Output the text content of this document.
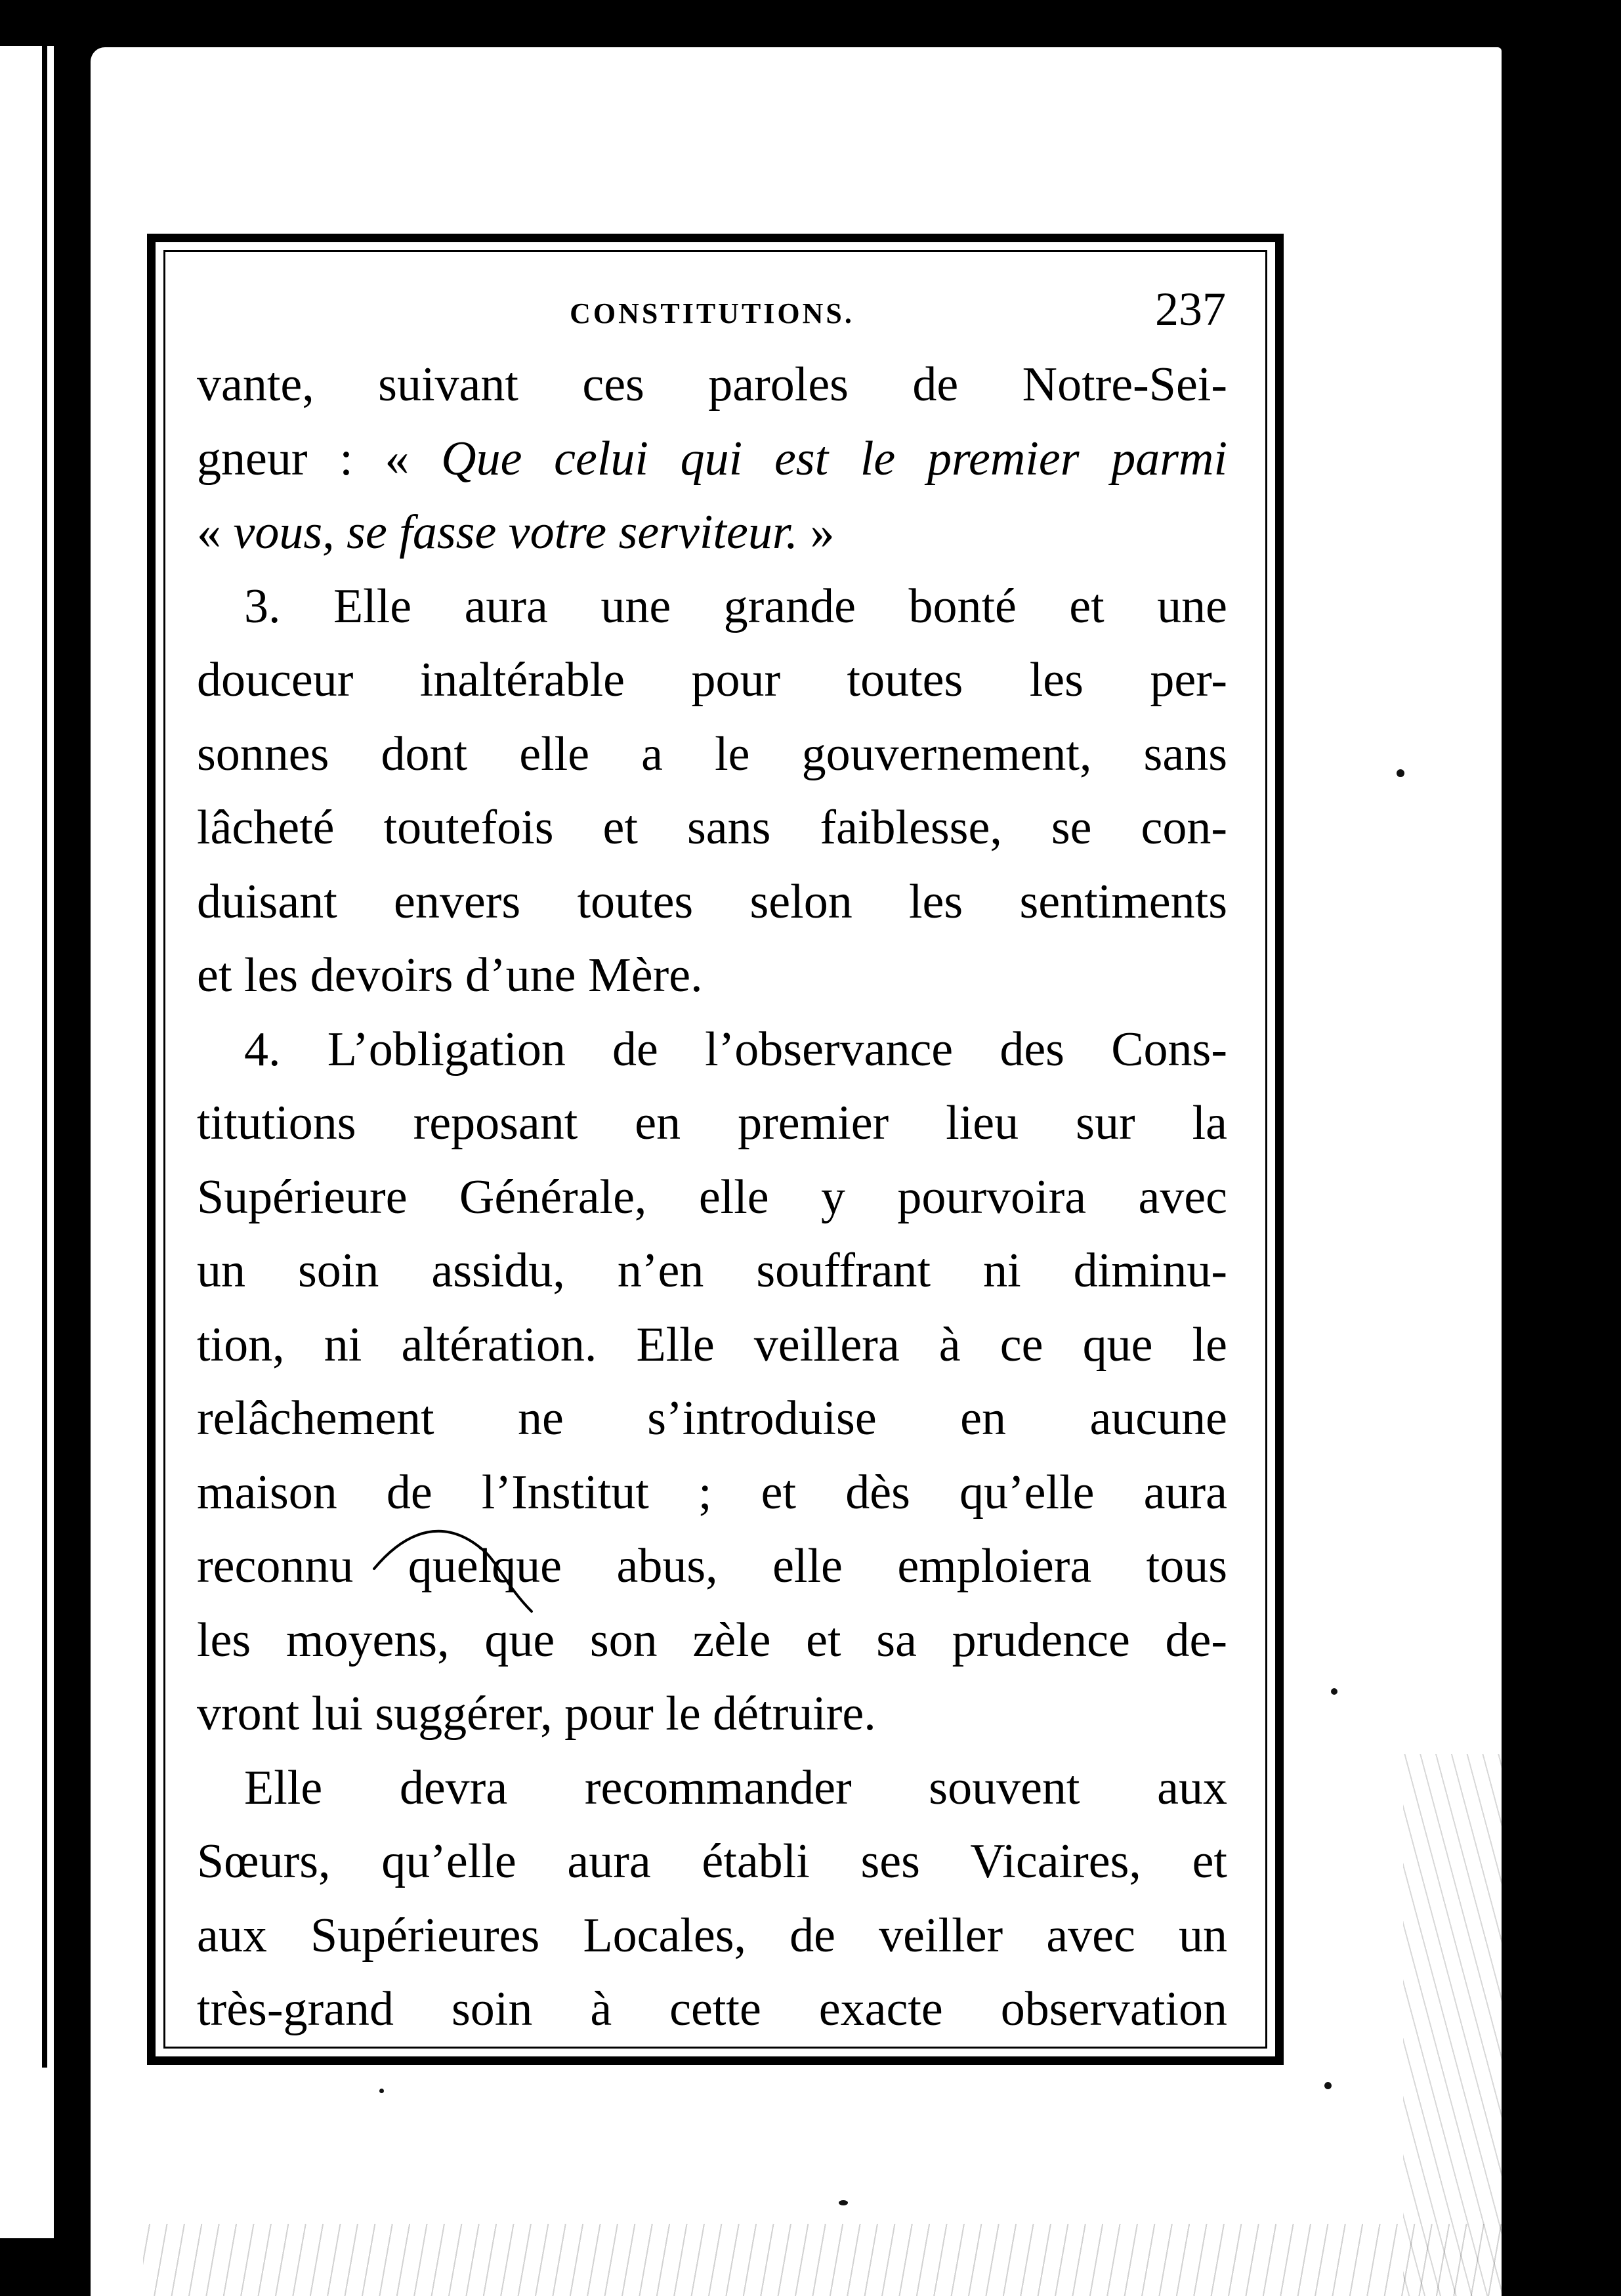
CONSTITUTIONS.	237
vante, suivant ces paroles de Notre-Sei-
gneur : « Que celui qui est le premier parmi
« vous, se fasse votre serviteur. »
3. Elle aura une grande bonté et une
douceur inaltérable pour toutes les per-
sonnes dont elle a le gouvernement, sans
lâcheté toutefois et sans faiblesse, se con-
duisant envers toutes selon les sentiments
et les devoirs d’une Mère.
4. L’obligation de l’observance des Cons-
titutions reposant en premier lieu sur la
Supérieure Générale, elle y pourvoira avec
un soin assidu, n’en souffrant ni diminu-
tion, ni altération. Elle veillera à ce que le
relâchement ne s’introduise en aucune
maison de l’Institut ; et dès qu’elle aura
reconnu quelque abus, elle emploiera tous
les moyens, que son zèle et sa prudence de-
vront lui suggérer, pour le détruire.
Elle devra recommander souvent aux
Sœurs, qu’elle aura établi ses Vicaires, et
aux Supérieures Locales, de veiller avec un
très-grand soin à cette exacte observation
